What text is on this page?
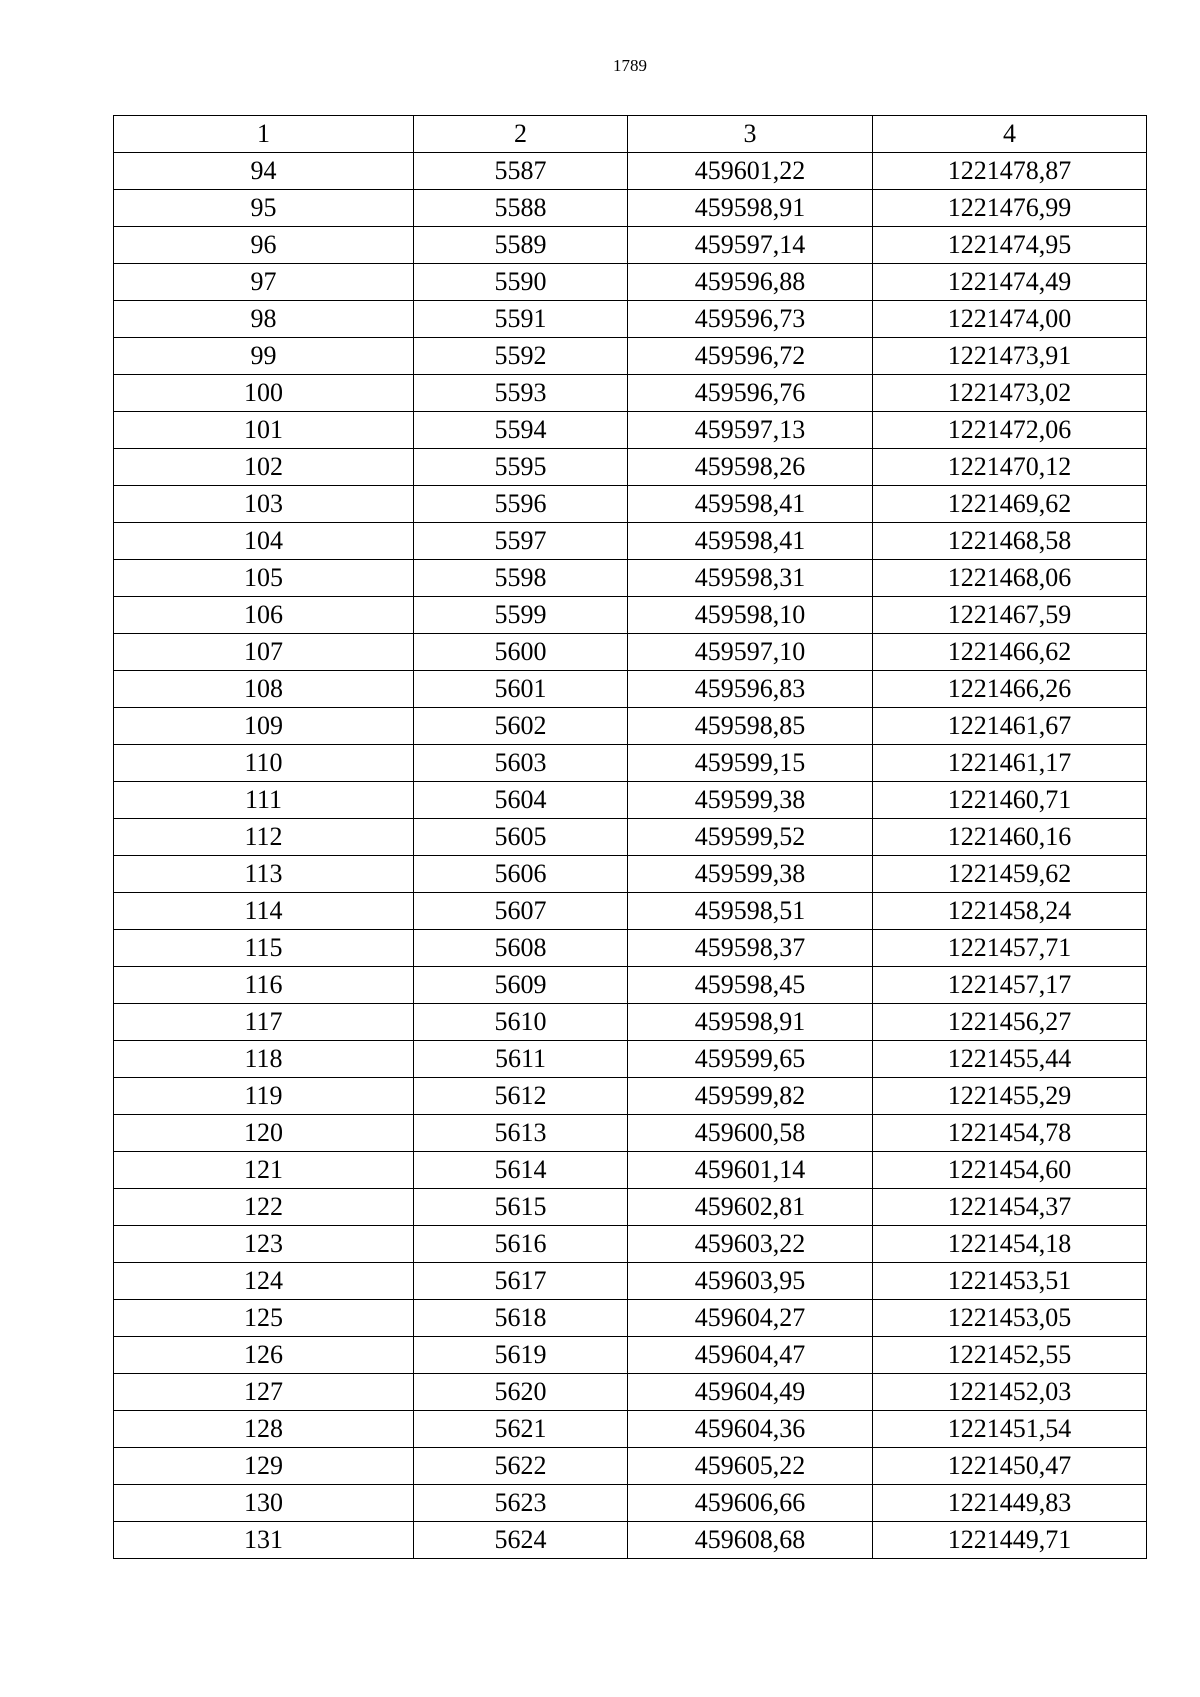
1789
1	2	3	4
94	5587	459601,22	1221478,87
95	5588	459598,91	1221476,99
96	5589	459597,14	1221474,95
97	5590	459596,88	1221474,49
98	5591	459596,73	1221474,00
99	5592	459596,72	1221473,91
100	5593	459596,76	1221473,02
101	5594	459597,13	1221472,06
102	5595	459598,26	1221470,12
103	5596	459598,41	1221469,62
104	5597	459598,41	1221468,58
105	5598	459598,31	1221468,06
106	5599	459598,10	1221467,59
107	5600	459597,10	1221466,62
108	5601	459596,83	1221466,26
109	5602	459598,85	1221461,67
110	5603	459599,15	1221461,17
111	5604	459599,38	1221460,71
112	5605	459599,52	1221460,16
113	5606	459599,38	1221459,62
114	5607	459598,51	1221458,24
115	5608	459598,37	1221457,71
116	5609	459598,45	1221457,17
117	5610	459598,91	1221456,27
118	5611	459599,65	1221455,44
119	5612	459599,82	1221455,29
120	5613	459600,58	1221454,78
121	5614	459601,14	1221454,60
122	5615	459602,81	1221454,37
123	5616	459603,22	1221454,18
124	5617	459603,95	1221453,51
125	5618	459604,27	1221453,05
126	5619	459604,47	1221452,55
127	5620	459604,49	1221452,03
128	5621	459604,36	1221451,54
129	5622	459605,22	1221450,47
130	5623	459606,66	1221449,83
131	5624	459608,68	1221449,71
